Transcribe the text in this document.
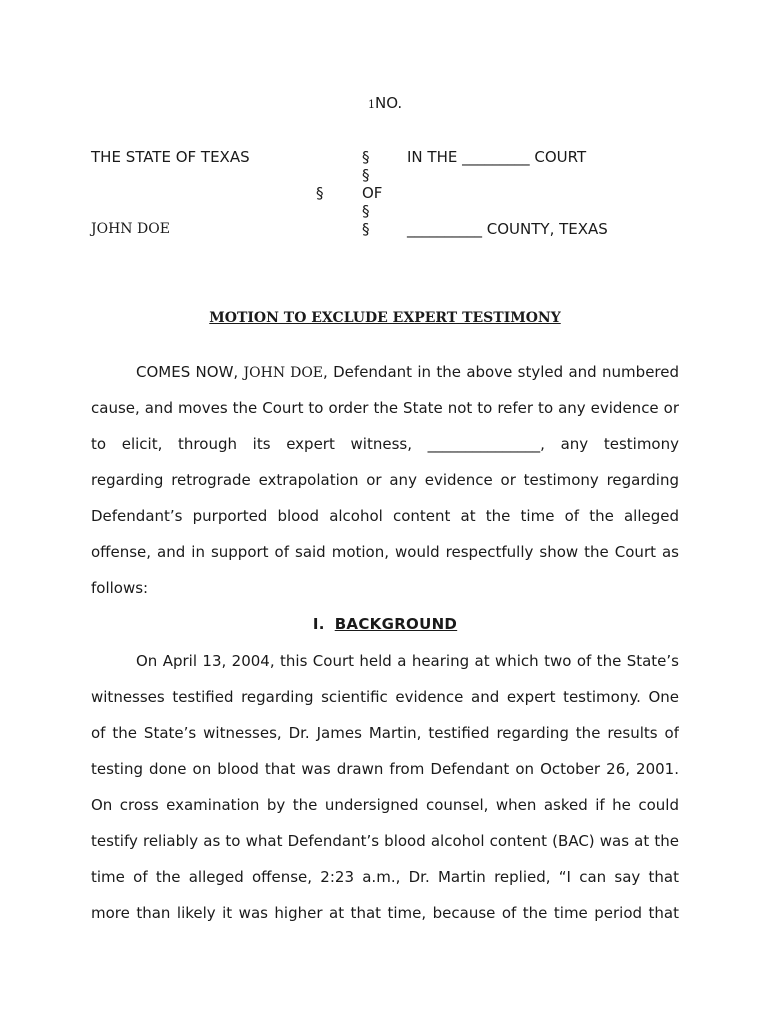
1NO.
THE STATE OF TEXAS
JOHN DOE
§
§
§	OF
§
§
IN THE _________ COURT
__________ COUNTY, TEXAS
MOTION TO EXCLUDE EXPERT TESTIMONY
COMES NOW, JOHN DOE, Defendant in the above styled and numbered
cause, and moves the Court to order the State not to refer to any evidence or
to elicit, through its expert witness, _______________, any testimony
regarding retrograde extrapolation or any evidence or testimony regarding
Defendant’s purported blood alcohol content at the time of the alleged
offense, and in support of said motion, would respectfully show the Court as
follows:
I. BACKGROUND
On April 13, 2004, this Court held a hearing at which two of the State’s
witnesses testified regarding scientific evidence and expert testimony. One
of the State’s witnesses, Dr. James Martin, testified regarding the results of
testing done on blood that was drawn from Defendant on October 26, 2001.
On cross examination by the undersigned counsel, when asked if he could
testify reliably as to what Defendant’s blood alcohol content (BAC) was at the
time of the alleged offense, 2:23 a.m., Dr. Martin replied, “I can say that
more than likely it was higher at that time, because of the time period that
